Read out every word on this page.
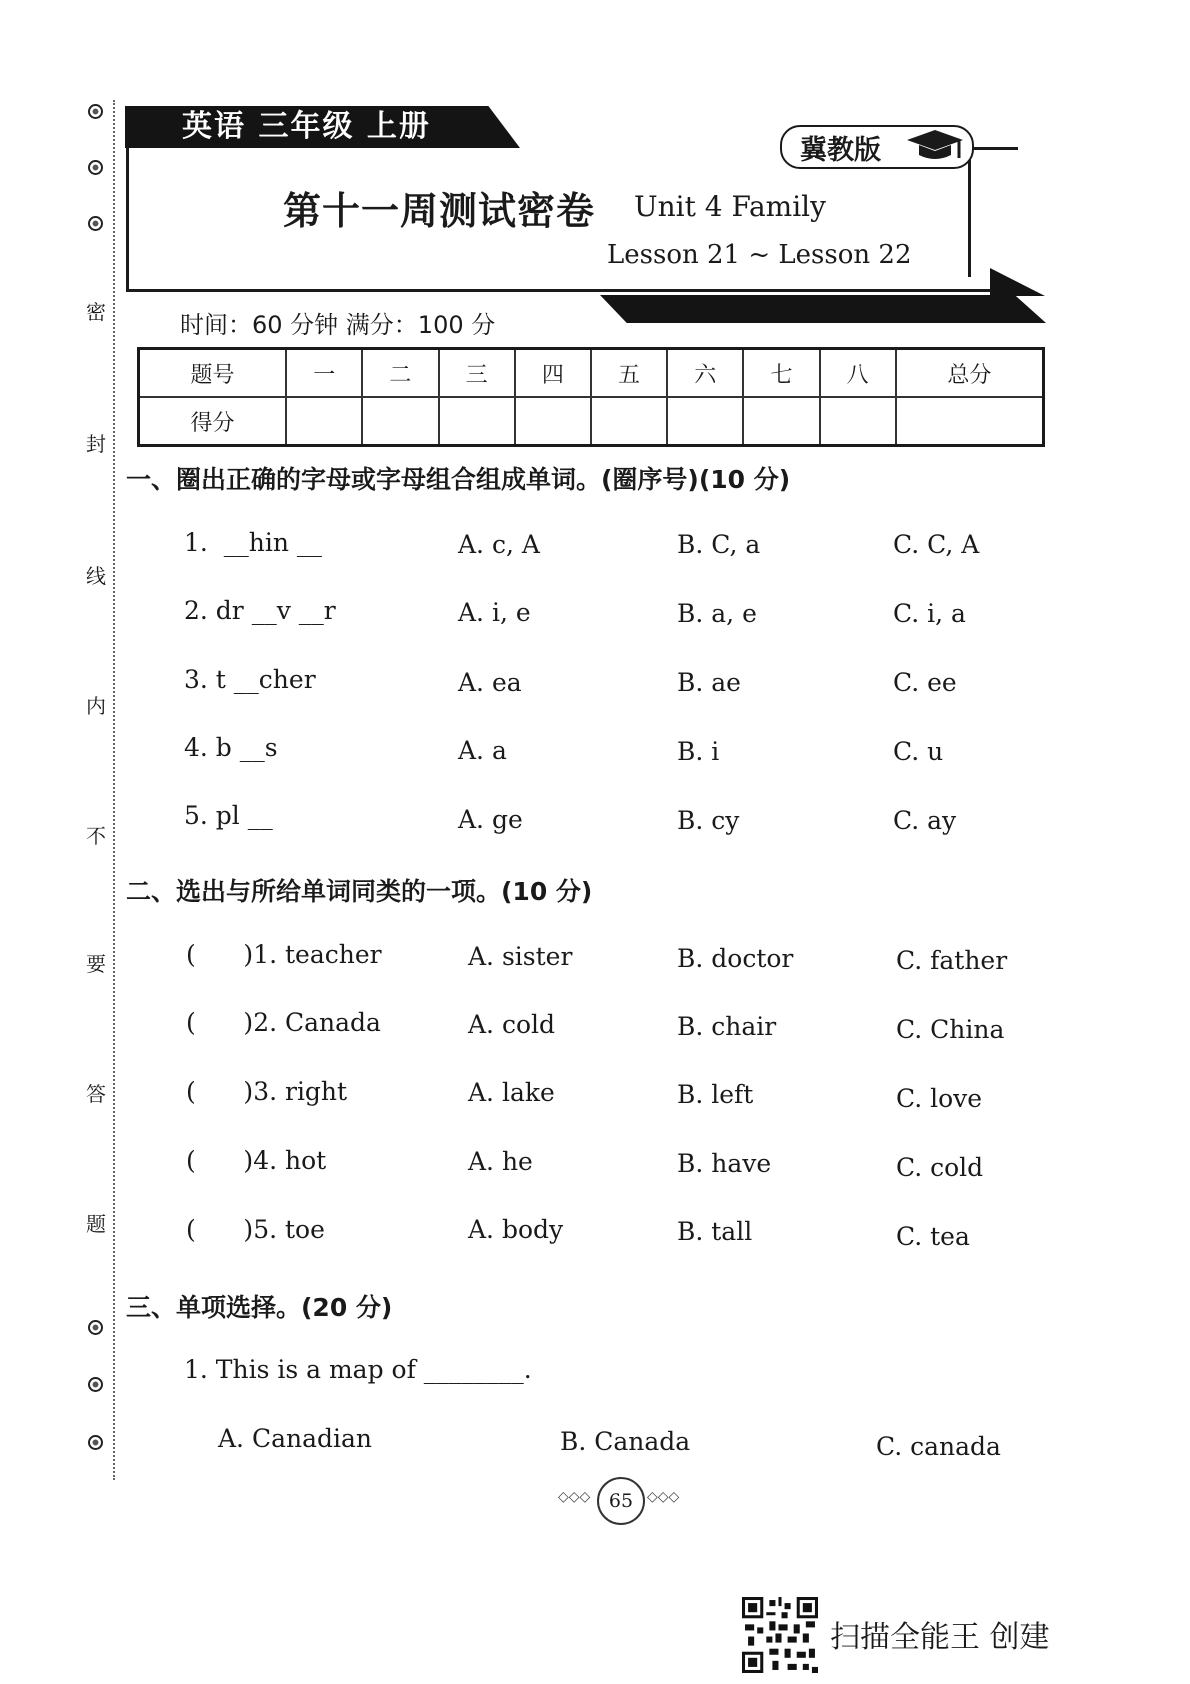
密
封
线
内
不
要
答
题
英语 三年级 上册
冀教版
第十一周测试密卷 Unit 4 Family
Lesson 21 ~ Lesson 22
时间：60 分钟 满分：100 分
题号	一	二	三	四	五	六	七	八	总分
得分									
一、圈出正确的字母或字母组合组成单词。(圈序号)(10 分)
1.  __hin __	A. c, A	B. C, a	C. C, A
2. dr __v __r	A. i, e	B. a, e	C. i, a
3. t __cher	A. ea	B. ae	C. ee
4. b __s	A. a	B. i	C. u
5. pl __	A. ge	B. cy	C. ay
二、选出与所给单词同类的一项。(10 分)
(      )1. teacher	A. sister	B. doctor	C. father
(      )2. Canada	A. cold	B. chair	C. China
(      )3. right	A. lake	B. left	C. love
(      )4. hot	A. he	B. have	C. cold
(      )5. toe	A. body	B. tall	C. tea
三、单项选择。(20 分)
1. This is a map of ________.
A. Canadian	B. Canada	C. canada
◇◇◇ 65 ◇◇◇
扫描全能王 创建
